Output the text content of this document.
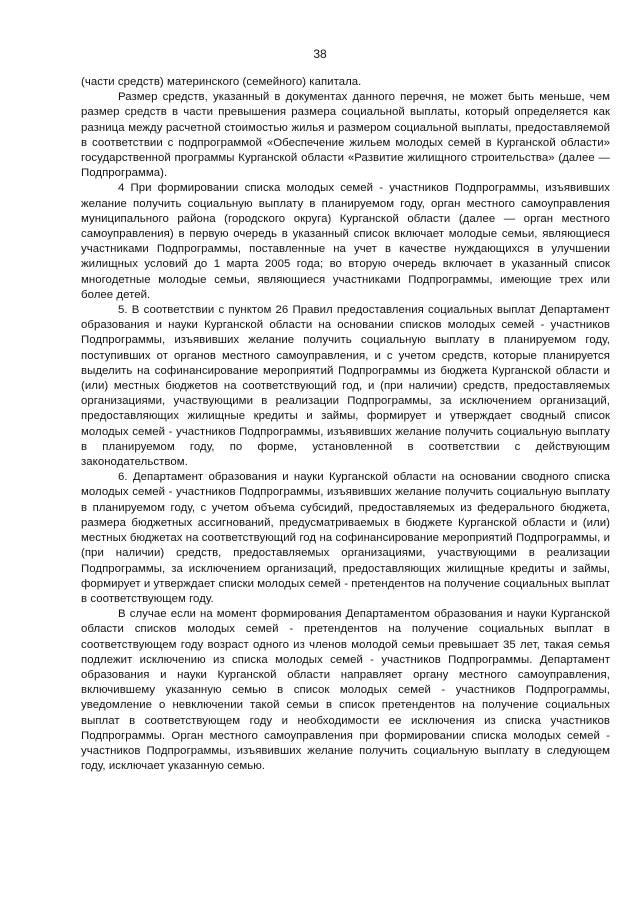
38

(части средств) материнского (семейного) капитала.

Размер средств, указанный в документах данного перечня, не может быть меньше, чем размер средств в части превышения размера социальной выплаты, который определяется как разница между расчетной стоимостью жилья и размером социальной выплаты, предоставляемой в соответствии с подпрограммой «Обеспечение жильем молодых семей в Курганской области» государственной программы Курганской области «Развитие жилищного строительства» (далее — Подпрограмма).

4 При формировании списка молодых семей - участников Подпрограммы, изъявивших желание получить социальную выплату в планируемом году, орган местного самоуправления муниципального района (городского округа) Курганской области (далее — орган местного самоуправления) в первую очередь в указанный список включает молодые семьи, являющиеся участниками Подпрограммы, поставленные на учет в качестве нуждающихся в улучшении жилищных условий до 1 марта 2005 года; во вторую очередь включает в указанный список многодетные молодые семьи, являющиеся участниками Подпрограммы, имеющие трех или более детей.

5. В соответствии с пунктом 26 Правил предоставления социальных выплат Департамент образования и науки Курганской области на основании списков молодых семей - участников Подпрограммы, изъявивших желание получить социальную выплату в планируемом году, поступивших от органов местного самоуправления, и с учетом средств, которые планируется выделить на софинансирование мероприятий Подпрограммы из бюджета Курганской области и (или) местных бюджетов на соответствующий год, и (при наличии) средств, предоставляемых организациями, участвующими в реализации Подпрограммы, за исключением организаций, предоставляющих жилищные кредиты и займы, формирует и утверждает сводный список молодых семей - участников Подпрограммы, изъявивших желание получить социальную выплату в планируемом году, по форме, установленной в соответствии с действующим законодательством.

6. Департамент образования и науки Курганской области на основании сводного списка молодых семей - участников Подпрограммы, изъявивших желание получить социальную выплату в планируемом году, с учетом объема субсидий, предоставляемых из федерального бюджета, размера бюджетных ассигнований, предусматриваемых в бюджете Курганской области и (или) местных бюджетах на соответствующий год на софинансирование мероприятий Подпрограммы, и (при наличии) средств, предоставляемых организациями, участвующими в реализации Подпрограммы, за исключением организаций, предоставляющих жилищные кредиты и займы, формирует и утверждает списки молодых семей - претендентов на получение социальных выплат в соответствующем году.

В случае если на момент формирования Департаментом образования и науки Курганской области списков молодых семей - претендентов на получение социальных выплат в соответствующем году возраст одного из членов молодой семьи превышает 35 лет, такая семья подлежит исключению из списка молодых семей - участников Подпрограммы. Департамент образования и науки Курганской области направляет органу местного самоуправления, включившему указанную семью в список молодых семей - участников Подпрограммы, уведомление о невключении такой семьи в список претендентов на получение социальных выплат в соответствующем году и необходимости ее исключения из списка участников Подпрограммы. Орган местного самоуправления при формировании списка молодых семей - участников Подпрограммы, изъявивших желание получить социальную выплату в следующем году, исключает указанную семью.
